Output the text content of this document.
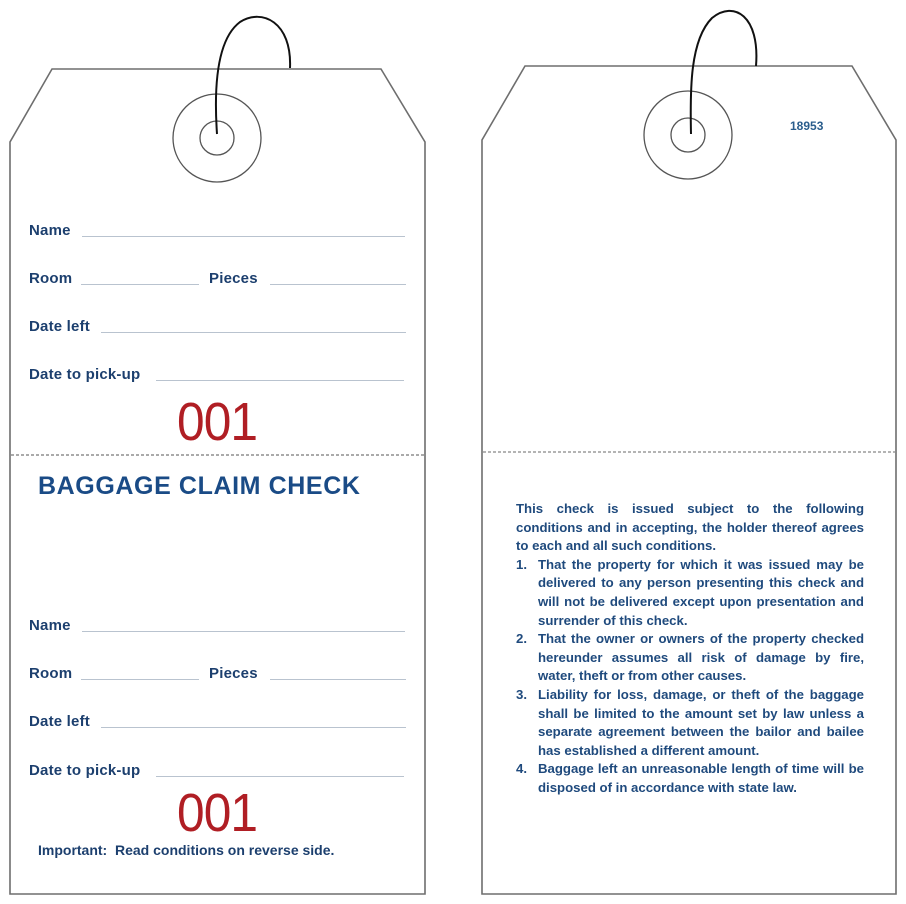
Name
Room	Pieces
Date left
Date to pick-up
001
BAGGAGE CLAIM CHECK
Name
Room	Pieces
Date left
Date to pick-up
001
Important:  Read conditions on reverse side.
18953

This check is issued subject to the following conditions and in accepting, the holder thereof agrees to each and all such conditions.

1. That the property for which it was issued may be delivered to any person presenting this check and will not be delivered except upon presentation and surrender of this check.
2. That the owner or owners of the property checked hereunder assumes all risk of damage by fire, water, theft or from other causes.
3. Liability for loss, damage, or theft of the baggage shall be limited to the amount set by law unless a separate agreement between the bailor and bailee has established a different amount.
4. Baggage left an unreasonable length of time will be disposed of in accordance with state law.
